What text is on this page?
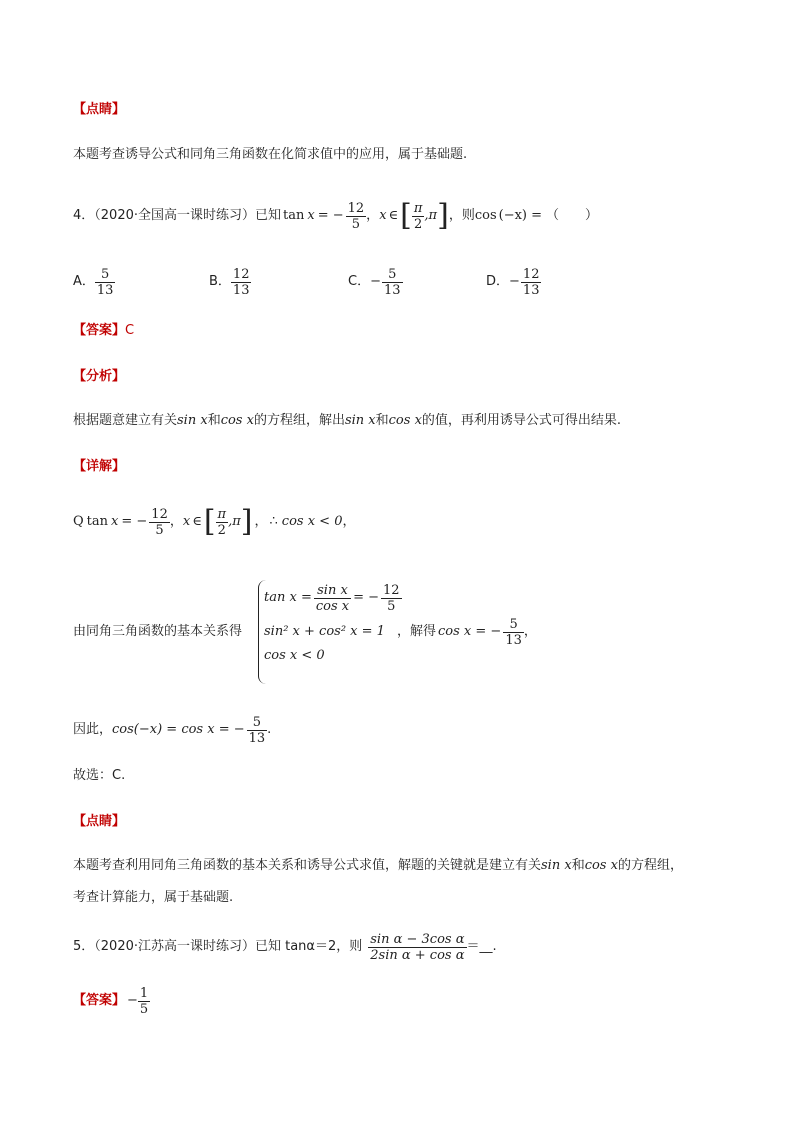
【点睛】
本题考查诱导公式和同角三角函数在化简求值中的应用，属于基础题.
4．（2020·全国高一课时练习）已知 tan x = − $\frac{12}{5}$ ， x ∈ [ $\frac{\pi}{2} ,\pi$ ] ，则 cos (−x) = （　　）
A． $\frac{5}{13}$	B． $\frac{12}{13}$	C． − $\frac{5}{13}$	D． − $\frac{12}{13}$
【答案】C
【分析】
根据题意建立有关sin x和cos x的方程组，解出sin x和cos x的值，再利用诱导公式可得出结果.
【详解】
Q tan x = − $\frac{12}{5}$ ， x ∈ [ $\frac{\pi}{2} ,\pi$ ] ， ∴ cos x < 0 ，
由同角三角函数的基本关系得
$\tan x = \frac{\text{sin x}}{\text{cos x}}$ = − $\frac{12}{5}$
sin² x + cos² x = 1
cos x < 0
，解得 cos x = − $\frac{5}{13}$ ，
因此， cos(−x) = cos x = − $\frac{5}{13}$ .
故选：C.
【点睛】
本题考查利用同角三角函数的基本关系和诱导公式求值，解题的关键就是建立有关sin x和cos x的方程组，
考查计算能力，属于基础题.
5．（2020·江苏高一课时练习）已知 tanα＝2，则 $\frac{\text{sin α − 3cos α}}{\text{2sin α + cos α}}$ ＝__.
【答案】 − $\frac{1}{5}$
